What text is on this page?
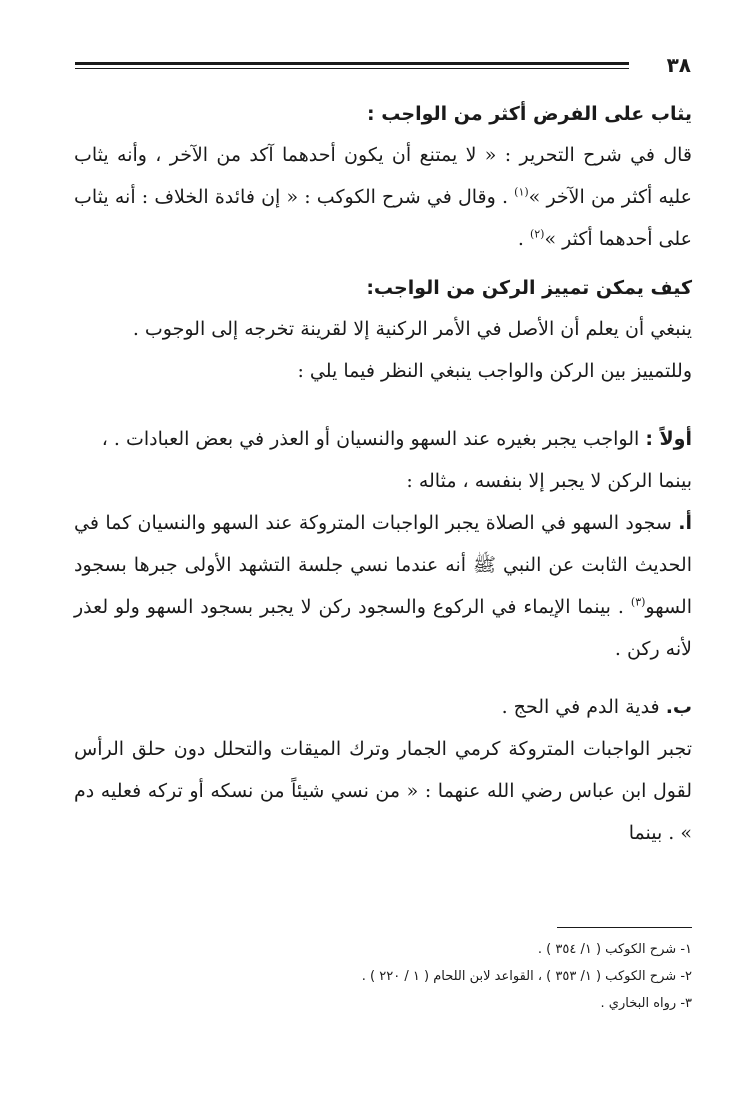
٣٨

يثاب على الفرض أكثر من الواجب :

قال في شرح التحرير : « لا يمتنع أن يكون أحدهما آكد من الآخر ، وأنه يثاب عليه أكثر من الآخر »$^{(١)}$ . وقال في شرح الكوكب : « إن فائدة الخلاف : أنه يثاب على أحدهما أكثر »$^{(٢)}$ .

كيف يمكن تمييز الركن من الواجب:

ينبغي أن يعلم أن الأصل في الأمر الركنية إلا لقرينة تخرجه إلى الوجوب .

وللتمييز بين الركن والواجب ينبغي النظر فيما يلي :

أولاً : الواجب يجبر بغيره عند السهو والنسيان أو العذر في بعض العبادات . ،

بينما الركن لا يجبر إلا بنفسه ، مثاله :

أ. سجود السهو في الصلاة يجبر الواجبات المتروكة عند السهو والنسيان كما في الحديث الثابت عن النبي ﷺ أنه عندما نسي جلسة التشهد الأولى جبرها بسجود السهو$^{(٣)}$ . بينما الإيماء في الركوع والسجود ركن لا يجبر بسجود السهو ولو لعذر لأنه ركن .

ب. فدية الدم في الحج .

تجبر الواجبات المتروكة كرمي الجمار وترك الميقات والتحلل دون حلق الرأس لقول ابن عباس رضي الله عنهما : « من نسي شيئاً من نسكه أو تركه فعليه دم » . بينما

١- شرح الكوكب ( ١/ ٣٥٤ ) .

٢- شرح الكوكب ( ١/ ٣٥٣ ) ، القواعد لابن اللحام ( ١ / ٢٢٠ ) .

٣- رواه البخاري .
